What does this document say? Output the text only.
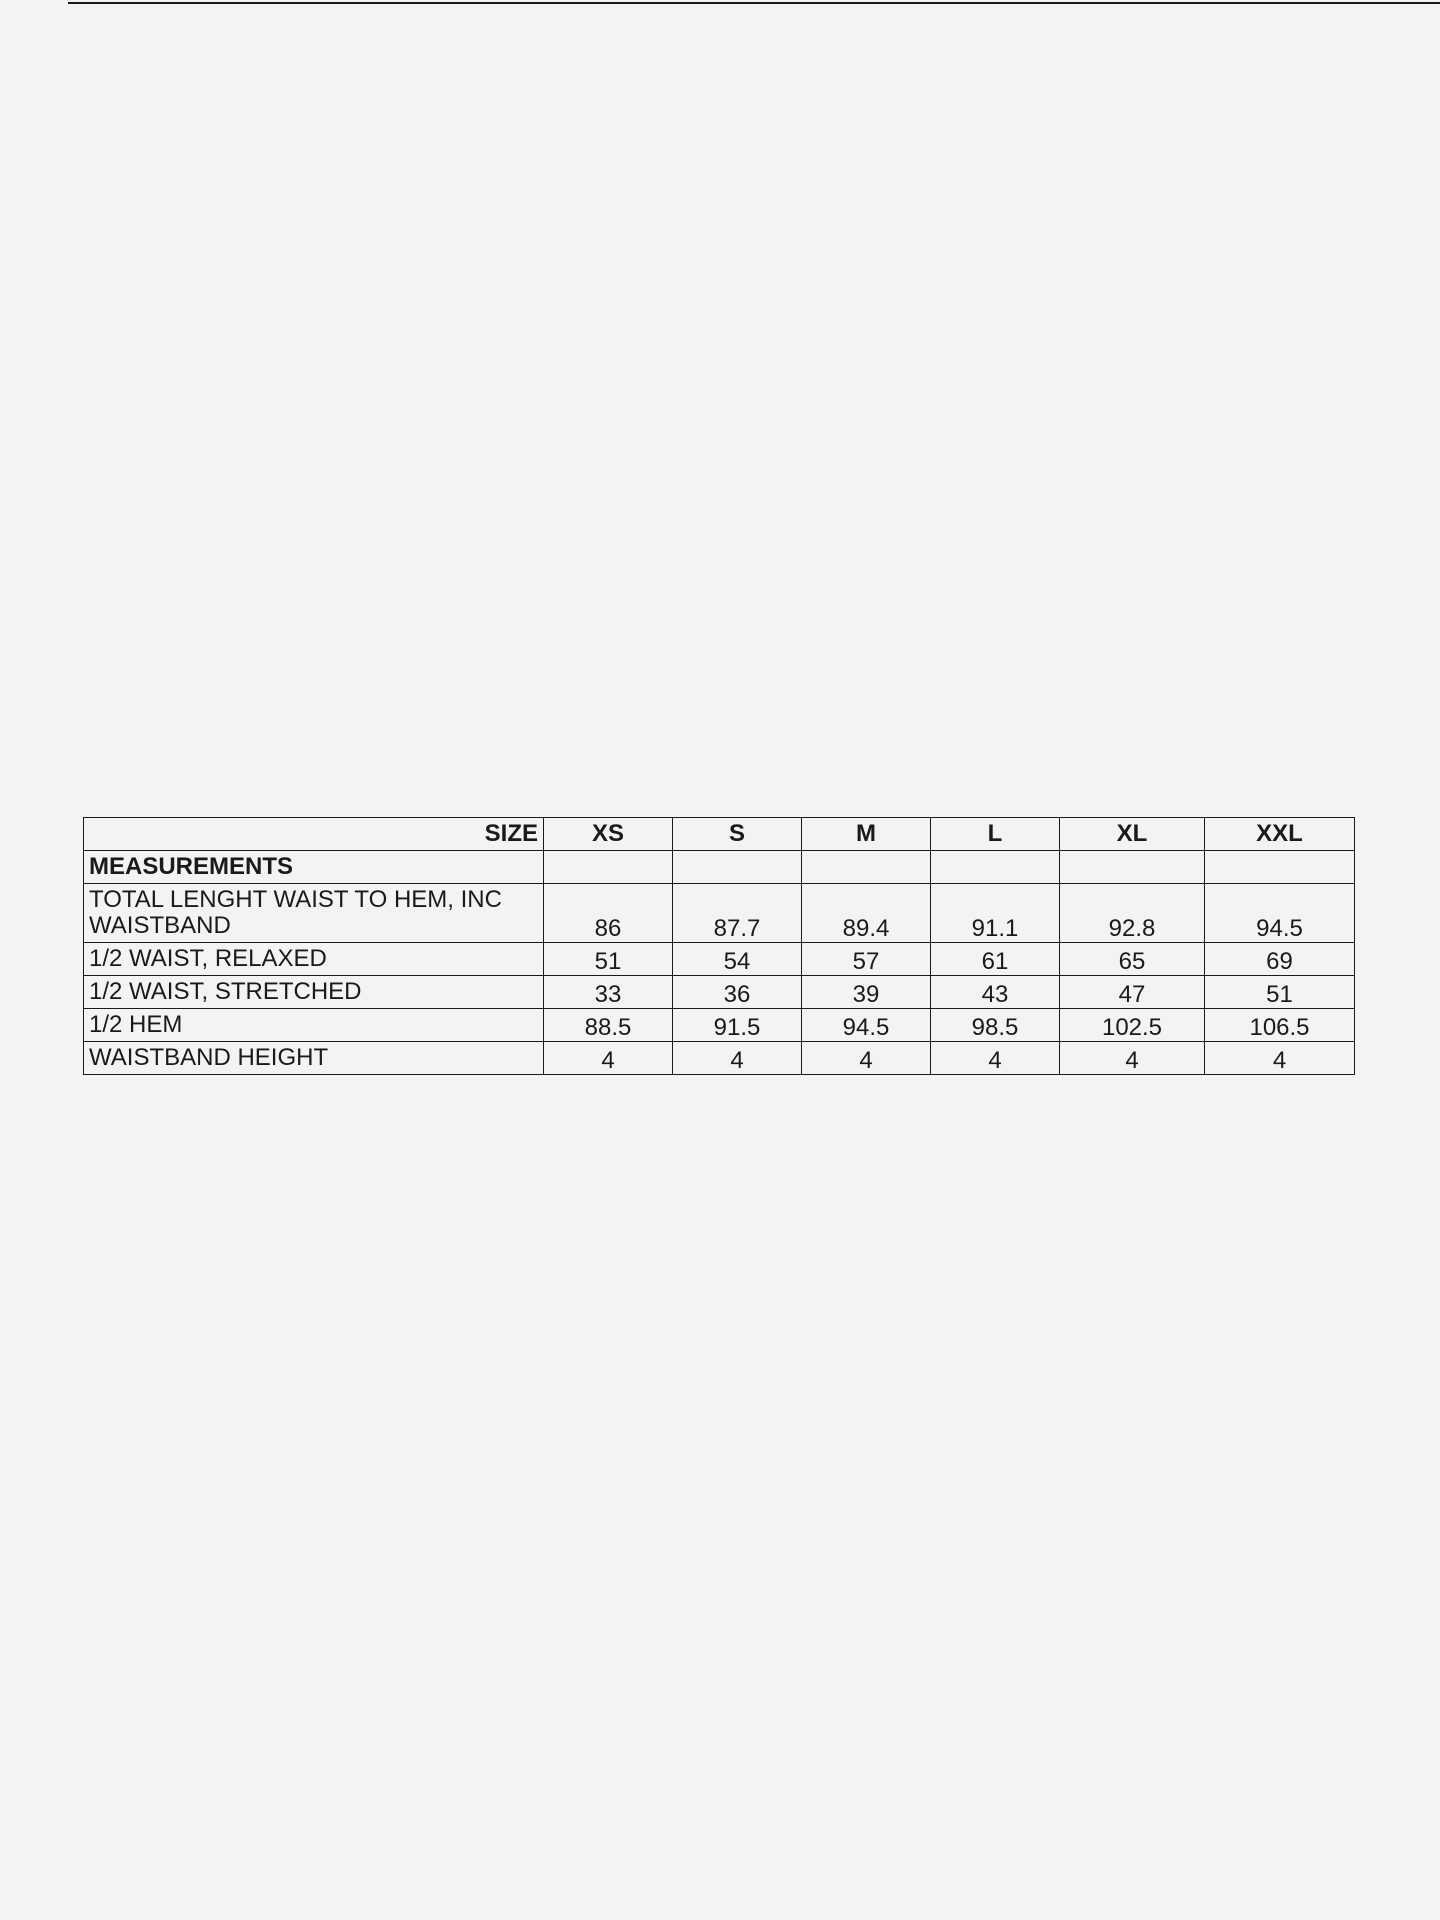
SIZE	XS	S	M	L	XL	XXL
MEASUREMENTS						

TOTAL LENGHT WAIST TO HEM, INC
WAISTBAND	86	87.7	89.4	91.1	92.8	94.5
1/2 WAIST, RELAXED	51	54	57	61	65	69
1/2 WAIST, STRETCHED	33	36	39	43	47	51
1/2 HEM	88.5	91.5	94.5	98.5	102.5	106.5
WAISTBAND HEIGHT	4	4	4	4	4	4
